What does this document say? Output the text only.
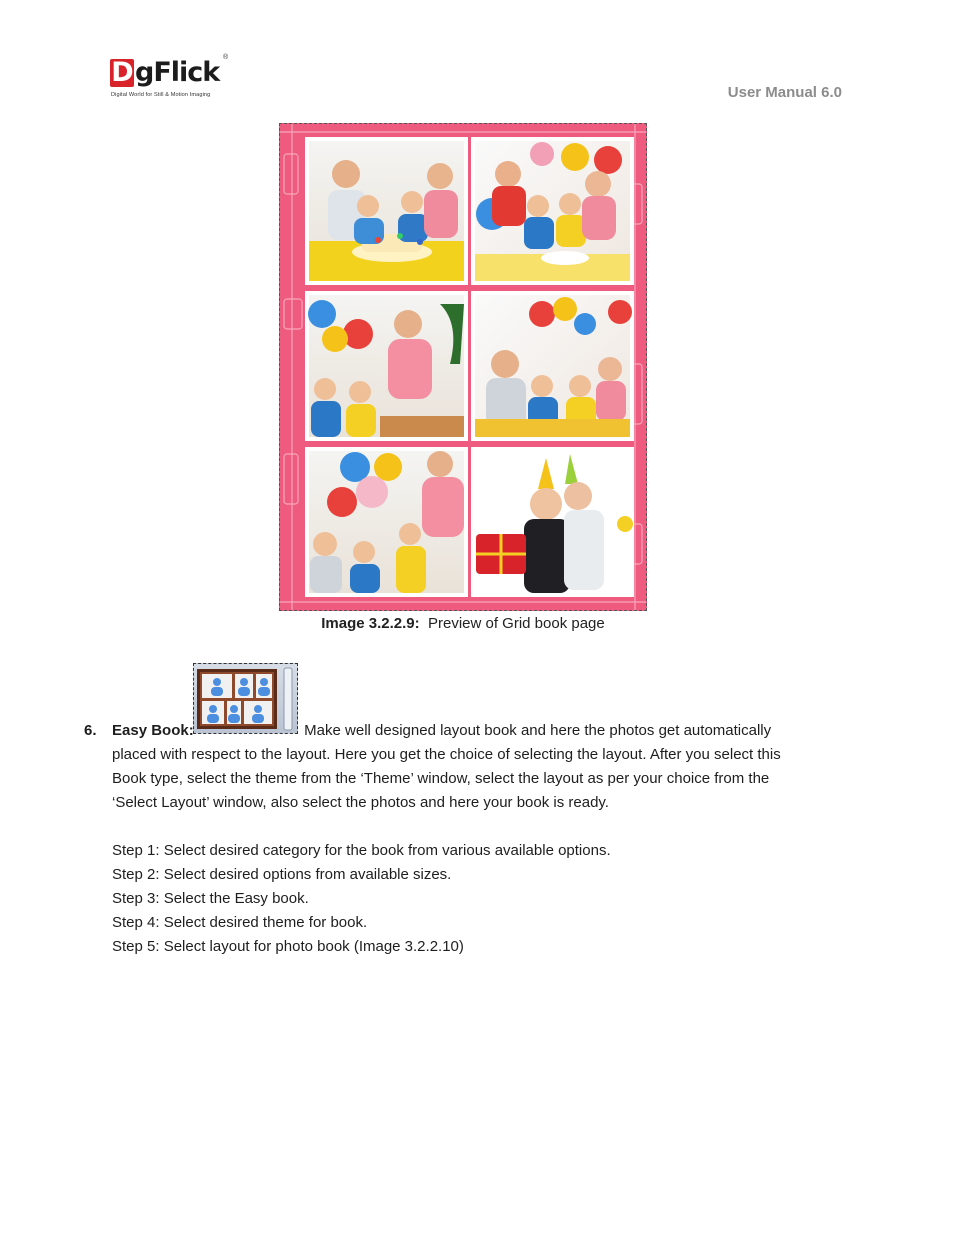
DgFlick ®
Digital World for Still & Motion Imaging	User Manual 6.0
Image 3.2.2.9:  Preview of Grid book page
6. Easy Book:	Make well designed layout book and here the photos get automatically
placed with respect to the layout. Here you get the choice of selecting the layout. After you select this
Book type, select the theme from the ‘Theme’ window, select the layout as per your choice from the
‘Select Layout’ window, also select the photos and here your book is ready.
Step 1: Select desired category for the book from various available options.
Step 2: Select desired options from available sizes.
Step 3: Select the Easy book.
Step 4: Select desired theme for book.
Step 5: Select layout for photo book (Image 3.2.2.10)
